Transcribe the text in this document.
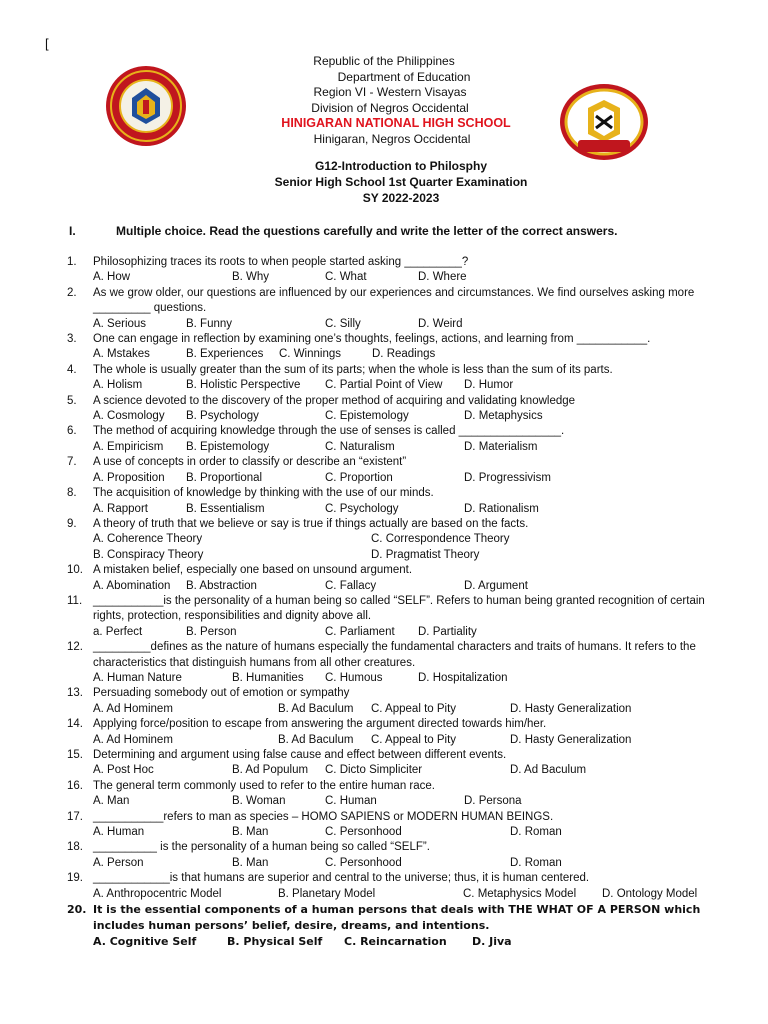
[
Republic of the Philippines
Department of Education
Region VI - Western Visayas
Division of Negros Occidental
HINIGARAN NATIONAL HIGH SCHOOL
Hinigaran, Negros Occidental
G12-Introduction to Philosphy
Senior High School 1st Quarter Examination
SY 2022-2023
I.	Multiple choice. Read the questions carefully and write the letter of the correct answers.
1.	Philosophizing traces its roots to when people started asking _________?
A. How	B. Why	C. What	D. Where
2.	As we grow older, our questions are influenced by our experiences and circumstances. We find ourselves asking more _________ questions.
A. Serious	B. Funny	C. Silly	D. Weird
3.	One can engage in reflection by examining one’s thoughts, feelings, actions, and learning from ___________.
A. Mstakes	B. Experiences	C. Winnings	D. Readings
4.	The whole is usually greater than the sum of its parts; when the whole is less than the sum of its parts.
A. Holism	B. Holistic Perspective	C. Partial Point of View	D. Humor
5.	A science devoted to the discovery of the proper method of acquiring and validating knowledge
A. Cosmology	B. Psychology	C. Epistemology	D. Metaphysics
6.	The method of acquiring knowledge through the use of senses is called ________________.
A. Empiricism	B. Epistemology	C. Naturalism	D. Materialism
7.	A use of concepts in order to classify or describe an “existent”
A. Proposition	B. Proportional	C. Proportion	D. Progressivism
8.	The acquisition of knowledge by thinking with the use of our minds.
A. Rapport	B. Essentialism	C. Psychology	D. Rationalism
9.	A theory of truth that we believe or say is true if things actually are based on the facts.
A. Coherence Theory	C. Correspondence Theory
B. Conspiracy Theory	D. Pragmatist Theory
10. A mistaken belief, especially one based on unsound argument.
A. Abomination	B. Abstraction	C. Fallacy	D. Argument
11. ___________is the personality of a human being so called “SELF”. Refers to human being granted recognition of certain rights, protection, responsibilities and dignity above all.
a. Perfect	B. Person	C. Parliament	D. Partiality
12. _________defines as the nature of humans especially the fundamental characters and traits of humans. It refers to the characteristics that distinguish humans from all other creatures.
A. Human Nature	B. Humanities	C. Humous	D. Hospitalization
13. Persuading somebody out of emotion or sympathy
A. Ad Hominem	B. Ad Baculum	C. Appeal to Pity	D. Hasty Generalization
14. Applying force/position to escape from answering the argument directed towards him/her.
A. Ad Hominem	B. Ad Baculum	C. Appeal to Pity	D. Hasty Generalization
15. Determining and argument using false cause and effect between different events.
A. Post Hoc	B. Ad Populum	C. Dicto Simpliciter	D. Ad Baculum
16. The general term commonly used to refer to the entire human race.
A. Man	B. Woman	C. Human	D. Persona
17. ___________refers to man as species – HOMO SAPIENS or MODERN HUMAN BEINGS.
A. Human	B. Man	C. Personhood	D. Roman
18. __________ is the personality of a human being so called “SELF”.
A. Person	B. Man	C. Personhood	D. Roman
19. ____________is that humans are superior and central to the universe; thus, it is human centered.
A. Anthropocentric Model	B. Planetary Model	C. Metaphysics Model	D. Ontology Model
20. It is the essential components of a human persons that deals with THE WHAT OF A PERSON which includes human persons’ belief, desire, dreams, and intentions.
A. Cognitive Self	B. Physical Self	C. Reincarnation	D. Jiva
